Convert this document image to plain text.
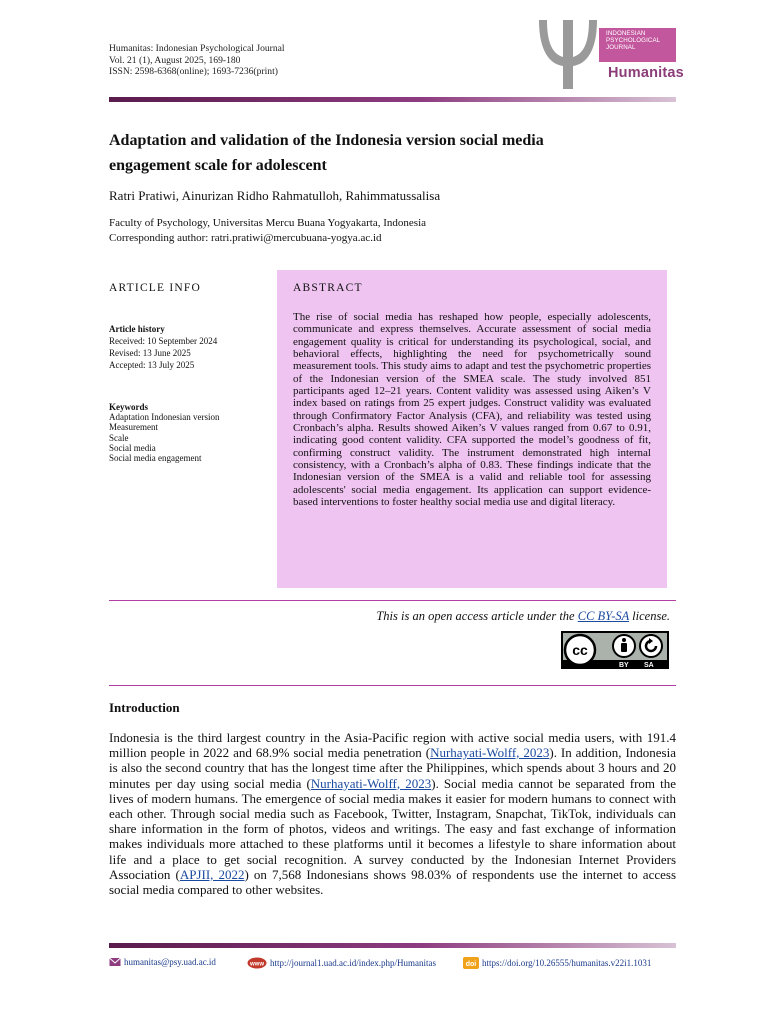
Humanitas: Indonesian Psychological Journal
Vol. 21 (1), August 2025, 169-180
ISSN: 2598-6368(online); 1693-7236(print)
INDONESIAN
PSYCHOLOGICAL
JOURNAL
Humanitas
Adaptation and validation of the Indonesia version social media engagement scale for adolescent
Ratri Pratiwi, Ainurizan Ridho Rahmatulloh, Rahimmatussalisa
Faculty of Psychology, Universitas Mercu Buana Yogyakarta, Indonesia
Corresponding author: ratri.pratiwi@mercubuana-yogya.ac.id
ARTICLE INFO
Article history
Received: 10 September 2024
Revised: 13 June 2025
Accepted: 13 July 2025
Keywords
Adaptation Indonesian version
Measurement
Scale
Social media
Social media engagement
ABSTRACT

The rise of social media has reshaped how people, especially adolescents, communicate and express themselves. Accurate assessment of social media engagement quality is critical for understanding its psychological, social, and behavioral effects, highlighting the need for psychometrically sound measurement tools. This study aims to adapt and test the psychometric properties of the Indonesian version of the SMEA scale. The study involved 851 participants aged 12–21 years. Content validity was assessed using Aiken’s V index based on ratings from 25 expert judges. Construct validity was evaluated through Confirmatory Factor Analysis (CFA), and reliability was tested using Cronbach’s alpha. Results showed Aiken’s V values ranged from 0.67 to 0.91, indicating good content validity. CFA supported the model’s goodness of fit, confirming construct validity. The instrument demonstrated high internal consistency, with a Cronbach’s alpha of 0.83. These findings indicate that the Indonesian version of the SMEA is a valid and reliable tool for assessing adolescents' social media engagement. Its application can support evidence-based interventions to foster healthy social media use and digital literacy.

This is an open access article under the CC BY-SA license.
cc
BY SA
Introduction

Indonesia is the third largest country in the Asia-Pacific region with active social media users, with 191.4 million people in 2022 and 68.9% social media penetration (Nurhayati-Wolff, 2023). In addition, Indonesia is also the second country that has the longest time after the Philippines, which spends about 3 hours and 20 minutes per day using social media (Nurhayati-Wolff, 2023). Social media cannot be separated from the lives of modern humans. The emergence of social media makes it easier for modern humans to connect with each other. Through social media such as Facebook, Twitter, Instagram, Snapchat, TikTok, individuals can share information in the form of photos, videos and writings. The easy and fast exchange of information makes individuals more attached to these platforms until it becomes a lifestyle to share information about life and a place to get social recognition. A survey conducted by the Indonesian Internet Providers Association (APJII, 2022) on 7,568 Indonesians shows 98.03% of respondents use the internet to access social media compared to other websites.

humanitas@psy.uad.ac.id	www http://journal1.uad.ac.id/index.php/Humanitas	doi https://doi.org/10.26555/humanitas.v22i1.1031
